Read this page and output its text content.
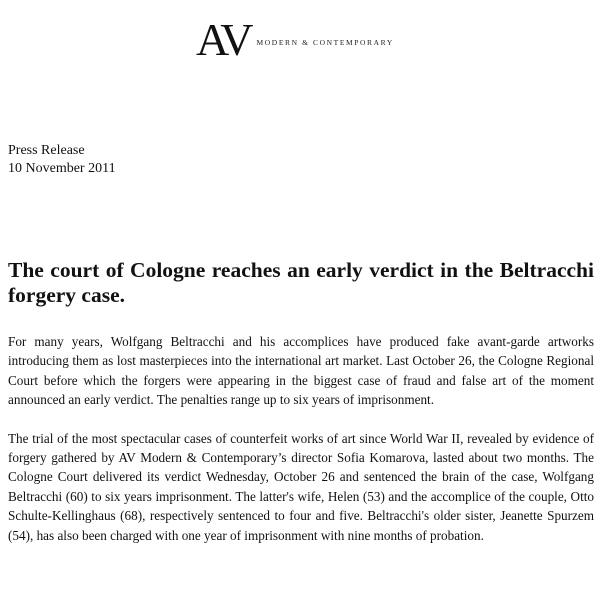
AV MODERN & CONTEMPORARY
Press Release
10 November 2011
The court of Cologne reaches an early verdict in the Beltracchi forgery case.

For many years, Wolfgang Beltracchi and his accomplices have produced fake avant-garde artworks introducing them as lost masterpieces into the international art market. Last October 26, the Cologne Regional Court before which the forgers were appearing in the biggest case of fraud and false art of the moment announced an early verdict. The penalties range up to six years of imprisonment.

The trial of the most spectacular cases of counterfeit works of art since World War II, revealed by evidence of forgery gathered by AV Modern & Contemporary’s director Sofia Komarova, lasted about two months. The Cologne Court delivered its verdict Wednesday, October 26 and sentenced the brain of the case, Wolfgang Beltracchi (60) to six years imprisonment. The latter's wife, Helen (53) and the accomplice of the couple, Otto Schulte-Kellinghaus (68), respectively sentenced to four and five. Beltracchi's older sister, Jeanette Spurzem (54), has also been charged with one year of imprisonment with nine months of probation.
